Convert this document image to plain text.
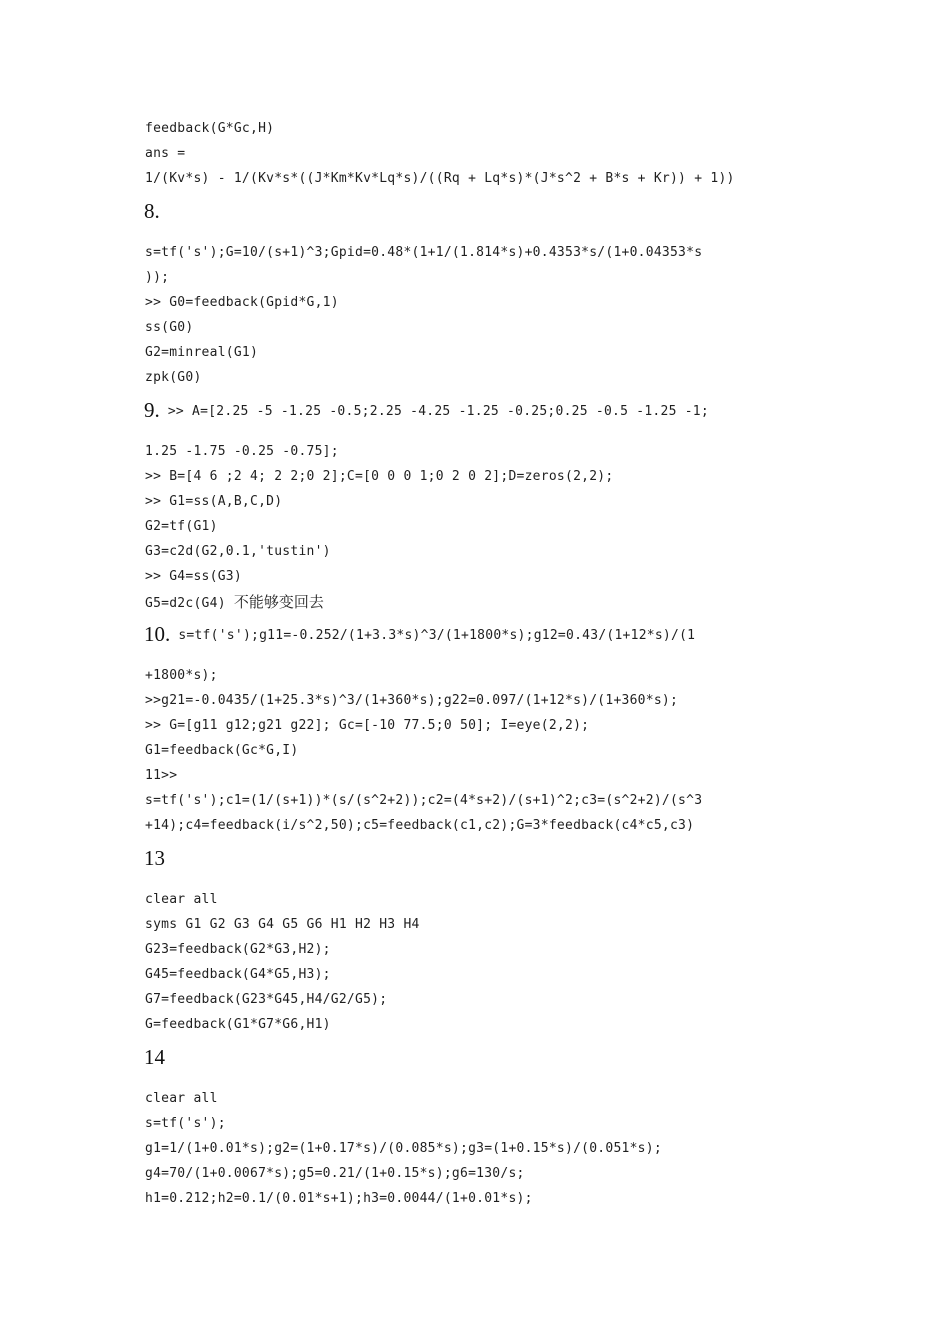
feedback(G*Gc,H)
ans =
1/(Kv*s) - 1/(Kv*s*((J*Km*Kv*Lq*s)/((Rq + Lq*s)*(J*s^2 + B*s + Kr)) + 1))
8.
s=tf('s');G=10/(s+1)^3;Gpid=0.48*(1+1/(1.814*s)+0.4353*s/(1+0.04353*s
));
>> G0=feedback(Gpid*G,1)
ss(G0)
G2=minreal(G1)
zpk(G0)
9. >> A=[2.25 -5 -1.25 -0.5;2.25 -4.25 -1.25 -0.25;0.25 -0.5 -1.25 -1;
1.25 -1.75 -0.25 -0.75];
>> B=[4 6 ;2 4; 2 2;0 2];C=[0 0 0 1;0 2 0 2];D=zeros(2,2);
>> G1=ss(A,B,C,D)
G2=tf(G1)
G3=c2d(G2,0.1,'tustin')
>> G4=ss(G3)
G5=d2c(G4) 不能够变回去
10. s=tf('s');g11=-0.252/(1+3.3*s)^3/(1+1800*s);g12=0.43/(1+12*s)/(1
+1800*s);
>>g21=-0.0435/(1+25.3*s)^3/(1+360*s);g22=0.097/(1+12*s)/(1+360*s);
>> G=[g11 g12;g21 g22]; Gc=[-10 77.5;0 50]; I=eye(2,2);
G1=feedback(Gc*G,I)
11>>
s=tf('s');c1=(1/(s+1))*(s/(s^2+2));c2=(4*s+2)/(s+1)^2;c3=(s^2+2)/(s^3
+14);c4=feedback(i/s^2,50);c5=feedback(c1,c2);G=3*feedback(c4*c5,c3)
13
clear all
syms G1 G2 G3 G4 G5 G6 H1 H2 H3 H4
G23=feedback(G2*G3,H2);
G45=feedback(G4*G5,H3);
G7=feedback(G23*G45,H4/G2/G5);
G=feedback(G1*G7*G6,H1)
14
clear all
s=tf('s');
g1=1/(1+0.01*s);g2=(1+0.17*s)/(0.085*s);g3=(1+0.15*s)/(0.051*s);
g4=70/(1+0.0067*s);g5=0.21/(1+0.15*s);g6=130/s;
h1=0.212;h2=0.1/(0.01*s+1);h3=0.0044/(1+0.01*s);
